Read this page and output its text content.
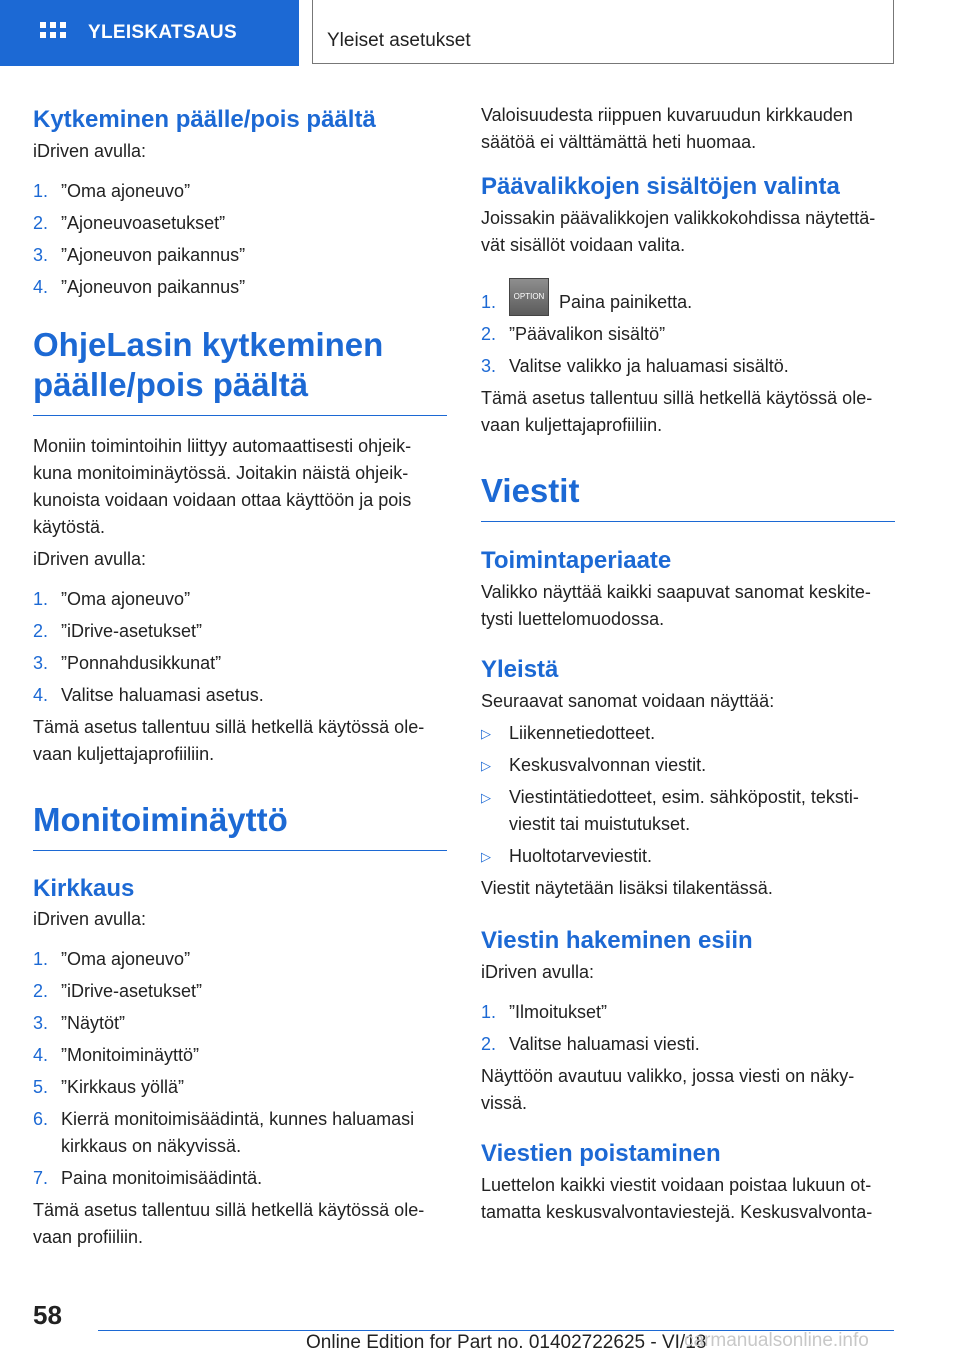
YLEISKATSAUS	Yleiset asetukset
Kytkeminen päälle/pois päältä

iDriven avulla:

1. ”Oma ajoneuvo”
2. ”Ajoneuvoasetukset”
3. ”Ajoneuvon paikannus”
4. ”Ajoneuvon paikannus”
OhjeLasin kytkeminen
päälle/pois päältä

Moniin toimintoihin liittyy automaattisesti ohjeik-
kuna monitoiminäytössä. Joitakin näistä ohjeik-
kunoista voidaan voidaan ottaa käyttöön ja pois
käytöstä.

iDriven avulla:

1. ”Oma ajoneuvo”
2. ”iDrive-asetukset”
3. ”Ponnahdusikkunat”
4. Valitse haluamasi asetus.

Tämä asetus tallentuu sillä hetkellä käytössä ole-
vaan kuljettajaprofiiliin.

Monitoiminäyttö
Kirkkaus

iDriven avulla:

1. ”Oma ajoneuvo”
2. ”iDrive-asetukset”
3. ”Näytöt”
4. ”Monitoiminäyttö”
5. ”Kirkkaus yöllä”
6. Kierrä monitoimisäädintä, kunnes haluamasi
kirkkaus on näkyvissä.
7. Paina monitoimisäädintä.

Tämä asetus tallentuu sillä hetkellä käytössä ole-
vaan profiiliin.

Valoisuudesta riippuen kuvaruudun kirkkauden
säätöä ei välttämättä heti huomaa.

Päävalikkojen sisältöjen valinta

Joissakin päävalikkojen valikkokohdissa näytettä-
vät sisällöt voidaan valita.

1. OPTION Paina painiketta.
2. ”Päävalikon sisältö”
3. Valitse valikko ja haluamasi sisältö.

Tämä asetus tallentuu sillä hetkellä käytössä ole-
vaan kuljettajaprofiiliin.

Viestit
Toimintaperiaate

Valikko näyttää kaikki saapuvat sanomat keskite-
tysti luettelomuodossa.

Yleistä

Seuraavat sanomat voidaan näyttää:

▷ Liikennetiedotteet.
▷ Keskusvalvonnan viestit.
▷ Viestintätiedotteet, esim. sähköpostit, teksti-
viestit tai muistutukset.
▷ Huoltotarveviestit.

Viestit näytetään lisäksi tilakentässä.

Viestin hakeminen esiin

iDriven avulla:

1. ”Ilmoitukset”
2. Valitse haluamasi viesti.

Näyttöön avautuu valikko, jossa viesti on näky-
vissä.

Viestien poistaminen

Luettelon kaikki viestit voidaan poistaa lukuun ot-
tamatta keskusvalvontaviestejä. Keskusvalvonta-

58
Online Edition for Part no. 01402722625 - VI/18
carmanualsonline.info
